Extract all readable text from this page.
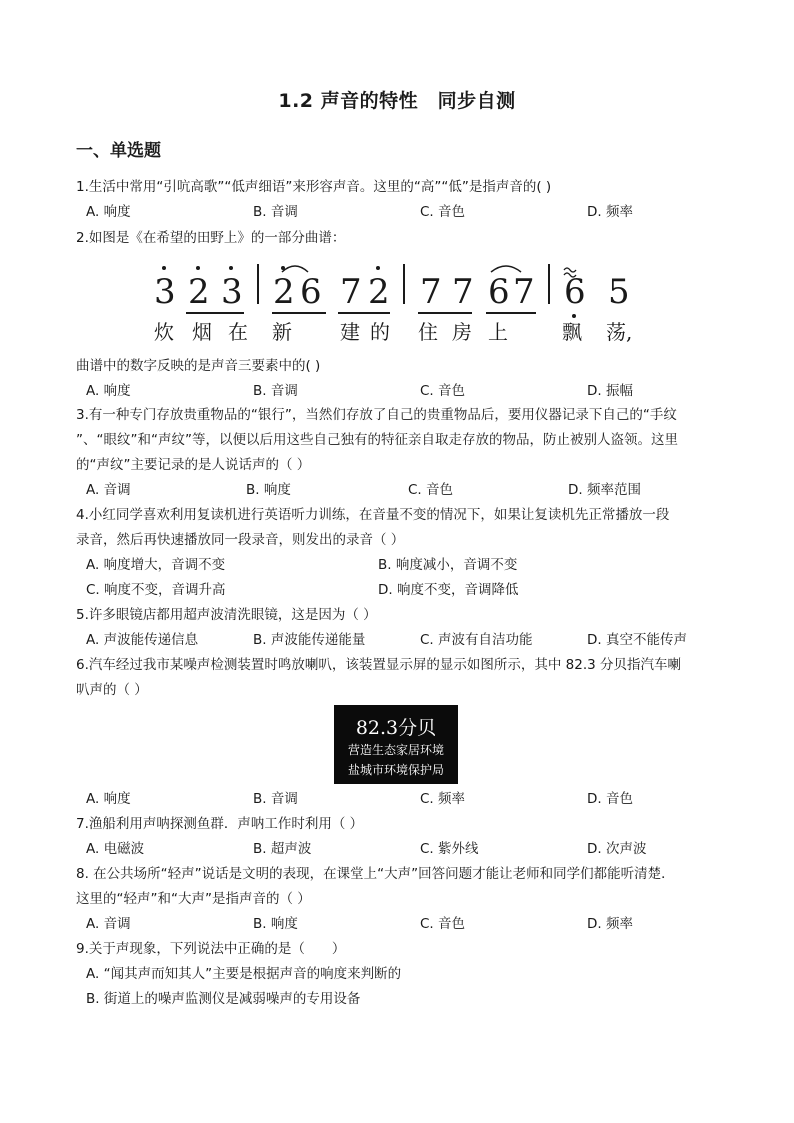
1.2 声音的特性　同步自测
一、单选题
1.生活中常用“引吭高歌”“低声细语”来形容声音。这里的“高”“低”是指声音的( )
A. 响度	B. 音调	C. 音色	D. 频率
2.如图是《在希望的田野上》的一部分曲谱：
3 2 3 2 6 7 2 7 7 6 7 6 5
炊 烟 在 新 建 的 住 房 上	飘 荡,
曲谱中的数字反映的是声音三要素中的( )
A. 响度	B. 音调	C. 音色	D. 振幅
3.有一种专门存放贵重物品的“银行”，当然们存放了自己的贵重物品后，要用仪器记录下自己的“手纹
”、“眼纹”和“声纹”等，以便以后用这些自己独有的特征亲自取走存放的物品，防止被别人盗领。这里
的“声纹”主要记录的是人说话声的（ ）
A. 音调	B. 响度	C. 音色	D. 频率范围
4.小红同学喜欢利用复读机进行英语听力训练，在音量不变的情况下，如果让复读机先正常播放一段
录音，然后再快速播放同一段录音，则发出的录音（ ）
A. 响度增大，音调不变	B. 响度减小，音调不变
C. 响度不变，音调升高	D. 响度不变，音调降低
5.许多眼镜店都用超声波清洗眼镜，这是因为（ ）
A. 声波能传递信息	B. 声波能传递能量	C. 声波有自洁功能	D. 真空不能传声
6.汽车经过我市某噪声检测装置时鸣放喇叭，该装置显示屏的显示如图所示，其中 82.3 分贝指汽车喇
叭声的（ ）
82.3分贝
营造生态家居环境
盐城市环境保护局
A. 响度	B. 音调	C. 频率	D. 音色
7.渔船利用声呐探测鱼群．声呐工作时利用（ ）
A. 电磁波	B. 超声波	C. 紫外线	D. 次声波
8. 在公共场所“轻声”说话是文明的表现，在课堂上“大声”回答问题才能让老师和同学们都能听清楚．
这里的“轻声”和“大声”是指声音的（ ）
A. 音调	B. 响度	C. 音色	D. 频率
9.关于声现象，下列说法中正确的是（　　）
A. “闻其声而知其人”主要是根据声音的响度来判断的
B. 街道上的噪声监测仪是减弱噪声的专用设备
